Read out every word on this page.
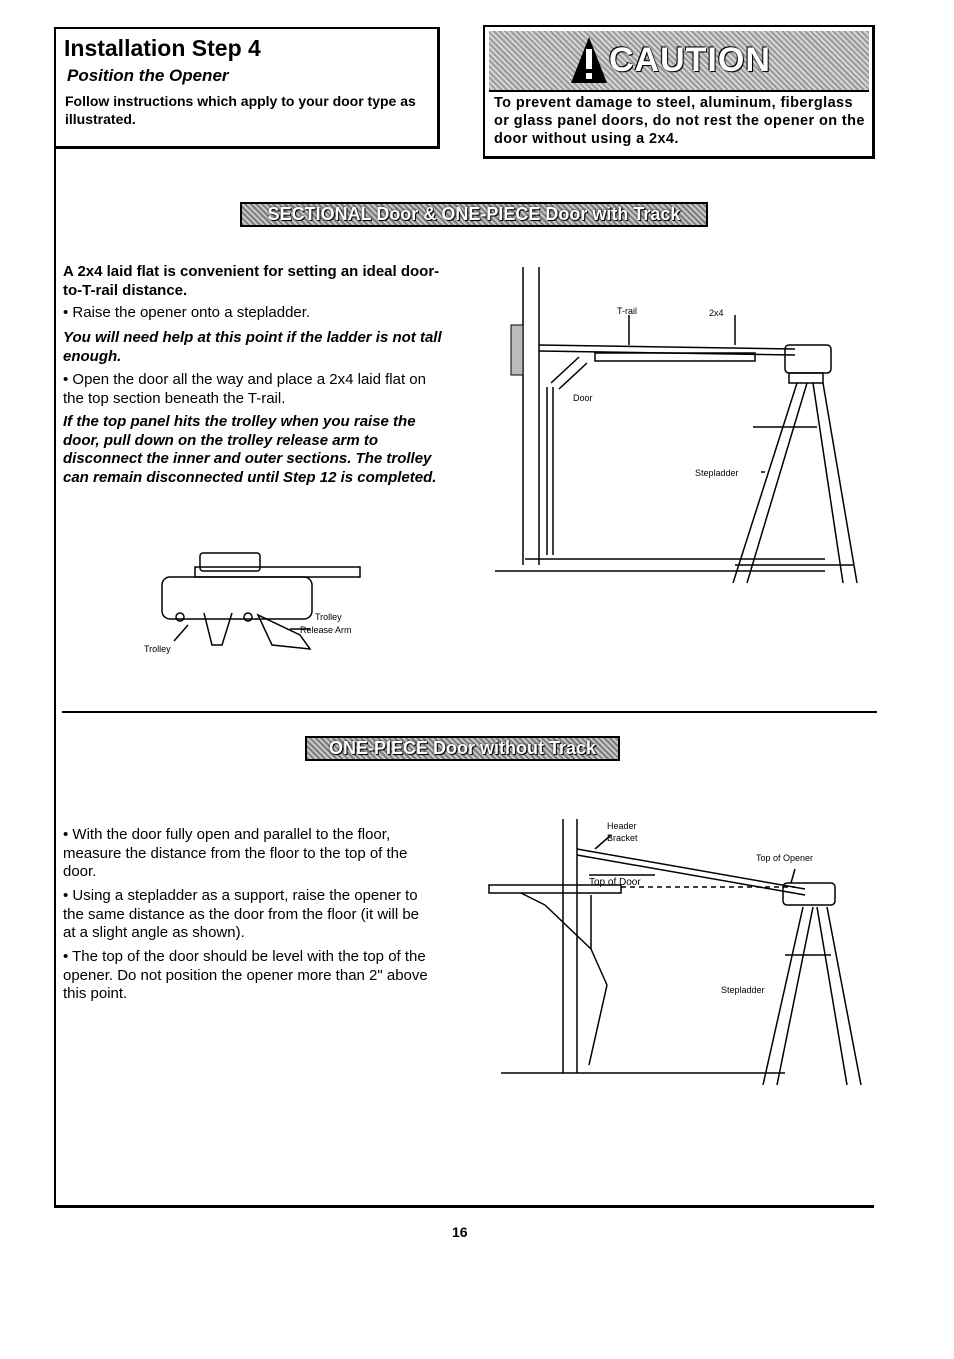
Installation Step 4
Position the Opener
Follow instructions which apply to your door type as illustrated.
CAUTION
To prevent damage to steel, aluminum, fiberglass or glass panel doors, do not rest the opener on the door without using a 2x4.
SECTIONAL Door & ONE-PIECE Door with Track
A 2x4 laid flat is convenient for setting an ideal door-to-T-rail distance.
• Raise the opener onto a stepladder.
You will need help at this point if the ladder is not tall enough.
• Open the door all the way and place a 2x4 laid flat on the top section beneath the T-rail.
If the top panel hits the trolley when you raise the door, pull down on the trolley release arm to disconnect the inner and outer sections. The trolley can remain disconnected until Step 12 is completed.
T-rail	2x4
Door
Stepladder
Trolley
Release Arm
Trolley
ONE-PIECE Door without Track
• With the door fully open and parallel to the floor, measure the distance from the floor to the top of the door.
• Using a stepladder as a support, raise the opener to the same distance as the door from the floor (it will be at a slight angle as shown).
• The top of the door should be level with the top of the opener. Do not position the opener more than 2" above this point.
Header
Bracket
Top of Opener
Top of Door
Stepladder
16
